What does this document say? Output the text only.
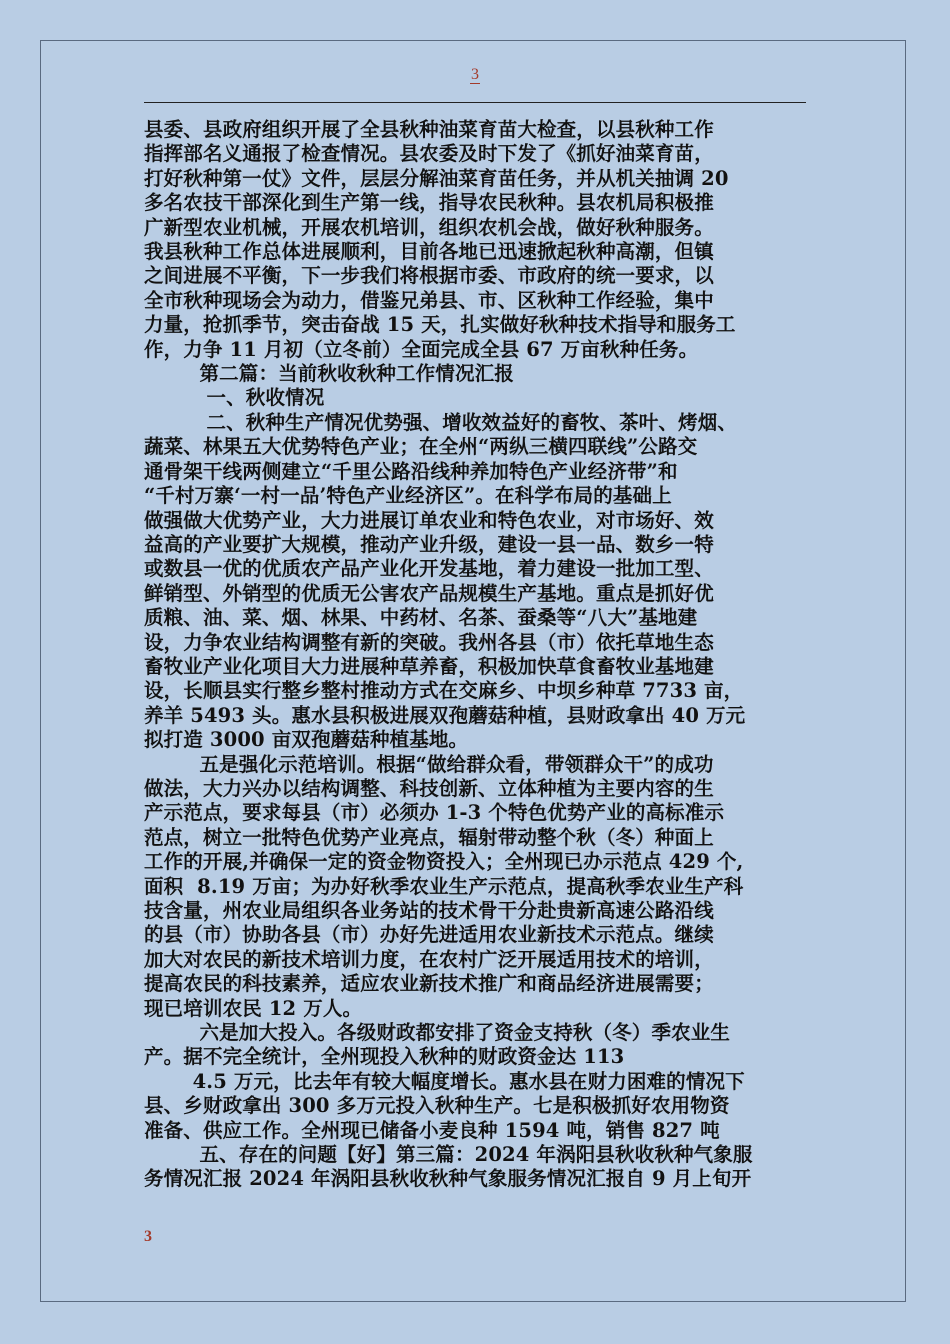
3

县委、县政府组织开展了全县秋种油菜育苗大检查，以县秋种工作

指挥部名义通报了检查情况。县农委及时下发了《抓好油菜育苗，

打好秋种第一仗》文件，层层分解油菜育苗任务，并从机关抽调 20

多名农技干部深化到生产第一线，指导农民秋种。县农机局积极推

广新型农业机械，开展农机培训，组织农机会战，做好秋种服务。

我县秋种工作总体进展顺利，目前各地已迅速掀起秋种高潮，但镇

之间进展不平衡，下一步我们将根据市委、市政府的统一要求，以

全市秋种现场会为动力，借鉴兄弟县、市、区秋种工作经验，集中

力量，抢抓季节，突击奋战 15 天，扎实做好秋种技术指导和服务工

作，力争 11 月初（立冬前）全面完成全县 67 万亩秋种任务。

第二篇：当前秋收秋种工作情况汇报

一、秋收情况

二、秋种生产情况优势强、增收效益好的畜牧、茶叶、烤烟、

蔬菜、林果五大优势特色产业；在全州“两纵三横四联线”公路交

通骨架干线两侧建立“千里公路沿线种养加特色产业经济带”和

“千村万寨‘一村一品’特色产业经济区”。在科学布局的基础上

做强做大优势产业，大力进展订单农业和特色农业，对市场好、效

益高的产业要扩大规模，推动产业升级，建设一县一品、数乡一特

或数县一优的优质农产品产业化开发基地，着力建设一批加工型、

鲜销型、外销型的优质无公害农产品规模生产基地。重点是抓好优

质粮、油、菜、烟、林果、中药材、名茶、蚕桑等“八大”基地建

设，力争农业结构调整有新的突破。我州各县（市）依托草地生态

畜牧业产业化项目大力进展种草养畜，积极加快草食畜牧业基地建

设，长顺县实行整乡整村推动方式在交麻乡、中坝乡种草 7733 亩，

养羊 5493 头。惠水县积极进展双孢蘑菇种植，县财政拿出 40 万元

拟打造 3000 亩双孢蘑菇种植基地。

五是强化示范培训。根据“做给群众看，带领群众干”的成功

做法，大力兴办以结构调整、科技创新、立体种植为主要内容的生

产示范点，要求每县（市）必须办 1-3 个特色优势产业的高标准示

范点，树立一批特色优势产业亮点，辐射带动整个秋（冬）种面上

工作的开展,并确保一定的资金物资投入；全州现已办示范点 429 个,

面积  8.19 万亩；为办好秋季农业生产示范点，提高秋季农业生产科

技含量，州农业局组织各业务站的技术骨干分赴贵新高速公路沿线

的县（市）协助各县（市）办好先进适用农业新技术示范点。继续

加大对农民的新技术培训力度，在农村广泛开展适用技术的培训，

提高农民的科技素养，适应农业新技术推广和商品经济进展需要；

现已培训农民 12 万人。

六是加大投入。各级财政都安排了资金支持秋（冬）季农业生

产。据不完全统计，全州现投入秋种的财政资金达 113

4.5 万元，比去年有较大幅度增长。惠水县在财力困难的情况下

县、乡财政拿出 300 多万元投入秋种生产。七是积极抓好农用物资

准备、供应工作。全州现已储备小麦良种 1594 吨，销售 827 吨

五、存在的问题【好】第三篇：2024 年涡阳县秋收秋种气象服

务情况汇报 2024 年涡阳县秋收秋种气象服务情况汇报自 9 月上旬开

3
